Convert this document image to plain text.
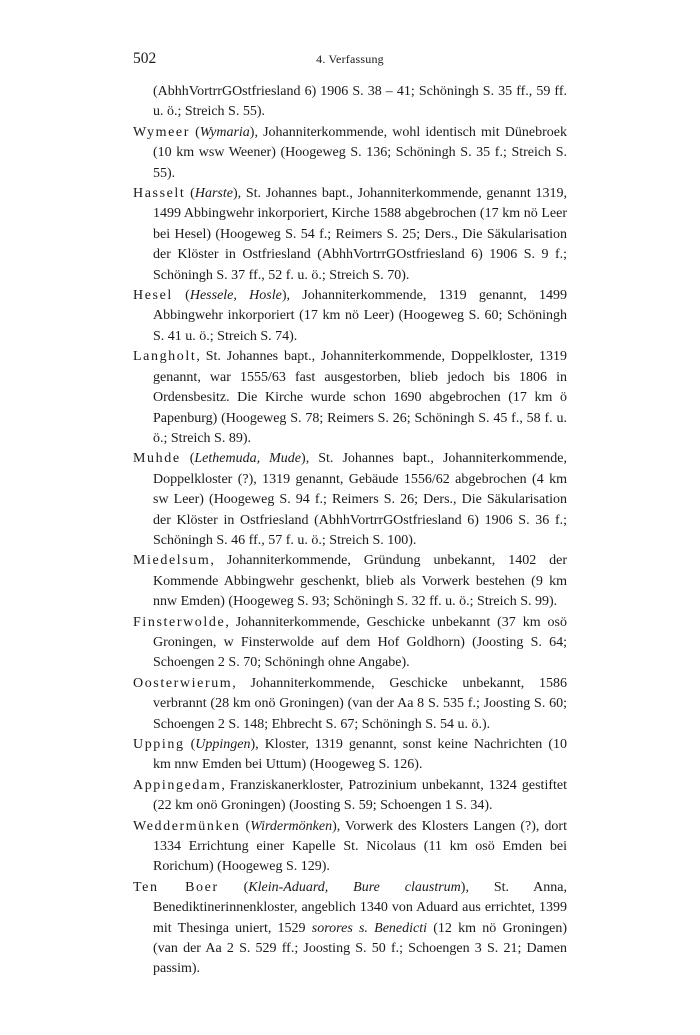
502	4. Verfassung

(AbhhVortrrGOstfriesland 6) 1906 S. 38 – 41; Schöningh S. 35 ff., 59 ff. u. ö.; Streich S. 55).

Wymeer (Wymaria), Johanniterkommende, wohl identisch mit Dünebroek (10 km wsw Weener) (Hoogeweg S. 136; Schöningh S. 35 f.; Streich S. 55).

Hasselt (Harste), St. Johannes bapt., Johanniterkommende, genannt 1319, 1499 Abbingwehr inkorporiert, Kirche 1588 abgebrochen (17 km nö Leer bei Hesel) (Hoogeweg S. 54 f.; Reimers S. 25; Ders., Die Säkularisation der Klöster in Ostfriesland (AbhhVortrrGOstfriesland 6) 1906 S. 9 f.; Schöningh S. 37 ff., 52 f. u. ö.; Streich S. 70).

Hesel (Hessele, Hosle), Johanniterkommende, 1319 genannt, 1499 Abbingwehr inkorporiert (17 km nö Leer) (Hoogeweg S. 60; Schöningh S. 41 u. ö.; Streich S. 74).

Langholt, St. Johannes bapt., Johanniterkommende, Doppelkloster, 1319 genannt, war 1555/63 fast ausgestorben, blieb jedoch bis 1806 in Ordensbesitz. Die Kirche wurde schon 1690 abgebrochen (17 km ö Papenburg) (Hoogeweg S. 78; Reimers S. 26; Schöningh S. 45 f., 58 f. u. ö.; Streich S. 89).

Muhde (Lethemuda, Mude), St. Johannes bapt., Johanniterkommende, Doppelkloster (?), 1319 genannt, Gebäude 1556/62 abgebrochen (4 km sw Leer) (Hoogeweg S. 94 f.; Reimers S. 26; Ders., Die Säkularisation der Klöster in Ostfriesland (AbhhVortrrGOstfriesland 6) 1906 S. 36 f.; Schöningh S. 46 ff., 57 f. u. ö.; Streich S. 100).

Miedelsum, Johanniterkommende, Gründung unbekannt, 1402 der Kommende Abbingwehr geschenkt, blieb als Vorwerk bestehen (9 km nnw Emden) (Hoogeweg S. 93; Schöningh S. 32 ff. u. ö.; Streich S. 99).

Finsterwolde, Johanniterkommende, Geschicke unbekannt (37 km osö Groningen, w Finsterwolde auf dem Hof Goldhorn) (Joosting S. 64; Schoengen 2 S. 70; Schöningh ohne Angabe).

Oosterwierum, Johanniterkommende, Geschicke unbekannt, 1586 verbrannt (28 km onö Groningen) (van der Aa 8 S. 535 f.; Joosting S. 60; Schoengen 2 S. 148; Ehbrecht S. 67; Schöningh S. 54 u. ö.).

Upping (Uppingen), Kloster, 1319 genannt, sonst keine Nachrichten (10 km nnw Emden bei Uttum) (Hoogeweg S. 126).

Appingedam, Franziskanerkloster, Patrozinium unbekannt, 1324 gestiftet (22 km onö Groningen) (Joosting S. 59; Schoengen 1 S. 34).

Weddermünken (Wirdermönken), Vorwerk des Klosters Langen (?), dort 1334 Errichtung einer Kapelle St. Nicolaus (11 km osö Emden bei Rorichum) (Hoogeweg S. 129).

Ten Boer (Klein-Aduard, Bure claustrum), St. Anna, Benediktinerinnenkloster, angeblich 1340 von Aduard aus errichtet, 1399 mit Thesinga uniert, 1529 sorores s. Benedicti (12 km nö Groningen) (van der Aa 2 S. 529 ff.; Joosting S. 50 f.; Schoengen 3 S. 21; Damen passim).
